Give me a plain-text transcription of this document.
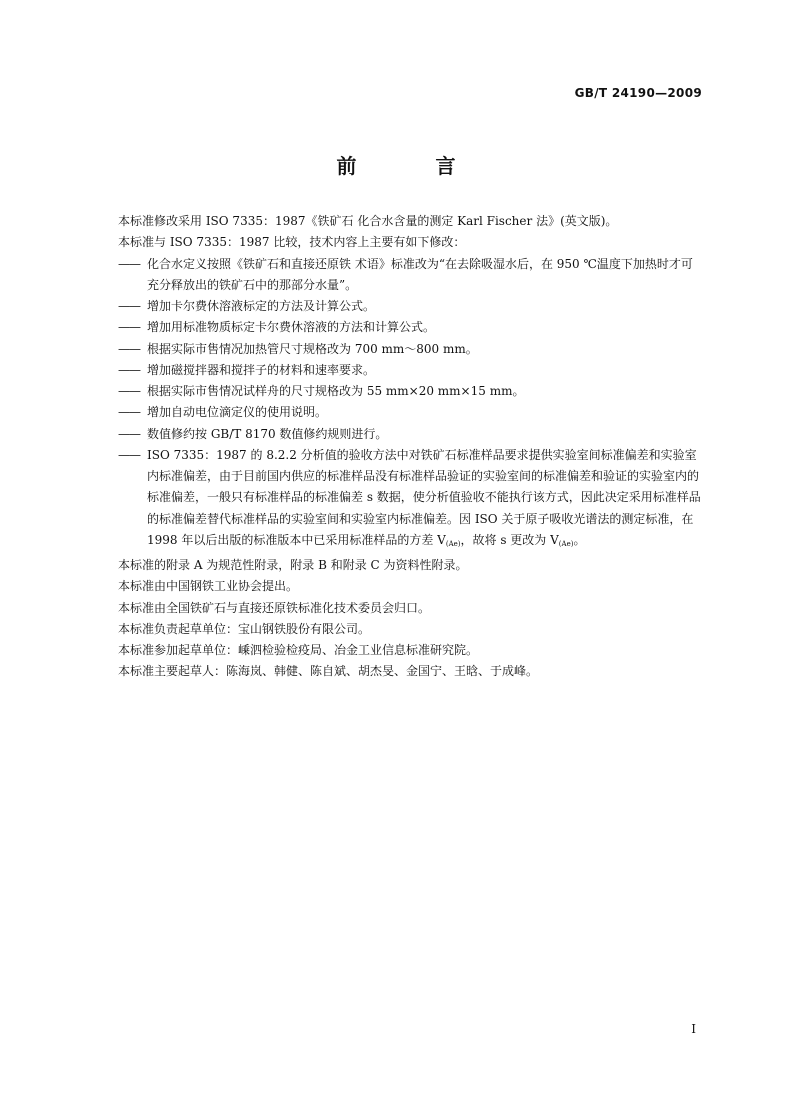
GB/T 24190—2009
前 言

本标准修改采用 ISO 7335：1987《铁矿石 化合水含量的测定 Karl Fischer 法》(英文版)。

本标准与 ISO 7335：1987 比较，技术内容上主要有如下修改：

—— 化合水定义按照《铁矿石和直接还原铁 术语》标准改为“在去除吸湿水后，在 950 ℃温度下加热时才可充分释放出的铁矿石中的那部分水量”。
—— 增加卡尔费休溶液标定的方法及计算公式。
—— 增加用标准物质标定卡尔费休溶液的方法和计算公式。
—— 根据实际市售情况加热管尺寸规格改为 700 mm～800 mm。
—— 增加磁搅拌器和搅拌子的材料和速率要求。
—— 根据实际市售情况试样舟的尺寸规格改为 55 mm×20 mm×15 mm。
—— 增加自动电位滴定仪的使用说明。
—— 数值修约按 GB/T 8170 数值修约规则进行。
—— ISO 7335：1987 的 8.2.2 分析值的验收方法中对铁矿石标准样品要求提供实验室间标准偏差和实验室内标准偏差，由于目前国内供应的标准样品没有标准样品验证的实验室间的标准偏差和验证的实验室内的标准偏差，一般只有标准样品的标准偏差 s 数据，使分析值验收不能执行该方式，因此决定采用标准样品的标准偏差替代标准样品的实验室间和实验室内标准偏差。因 ISO 关于原子吸收光谱法的测定标准，在 1998 年以后出版的标准版本中已采用标准样品的方差 $V_{(Ae)}$，故将 s 更改为 $V_{(Ae)}$。

本标准的附录 A 为规范性附录，附录 B 和附录 C 为资料性附录。

本标准由中国钢铁工业协会提出。

本标准由全国铁矿石与直接还原铁标准化技术委员会归口。

本标准负责起草单位：宝山钢铁股份有限公司。

本标准参加起草单位：嵊泗检验检疫局、冶金工业信息标准研究院。

本标准主要起草人：陈海岚、韩健、陈自斌、胡杰旻、金国宁、王晗、于成峰。

I
